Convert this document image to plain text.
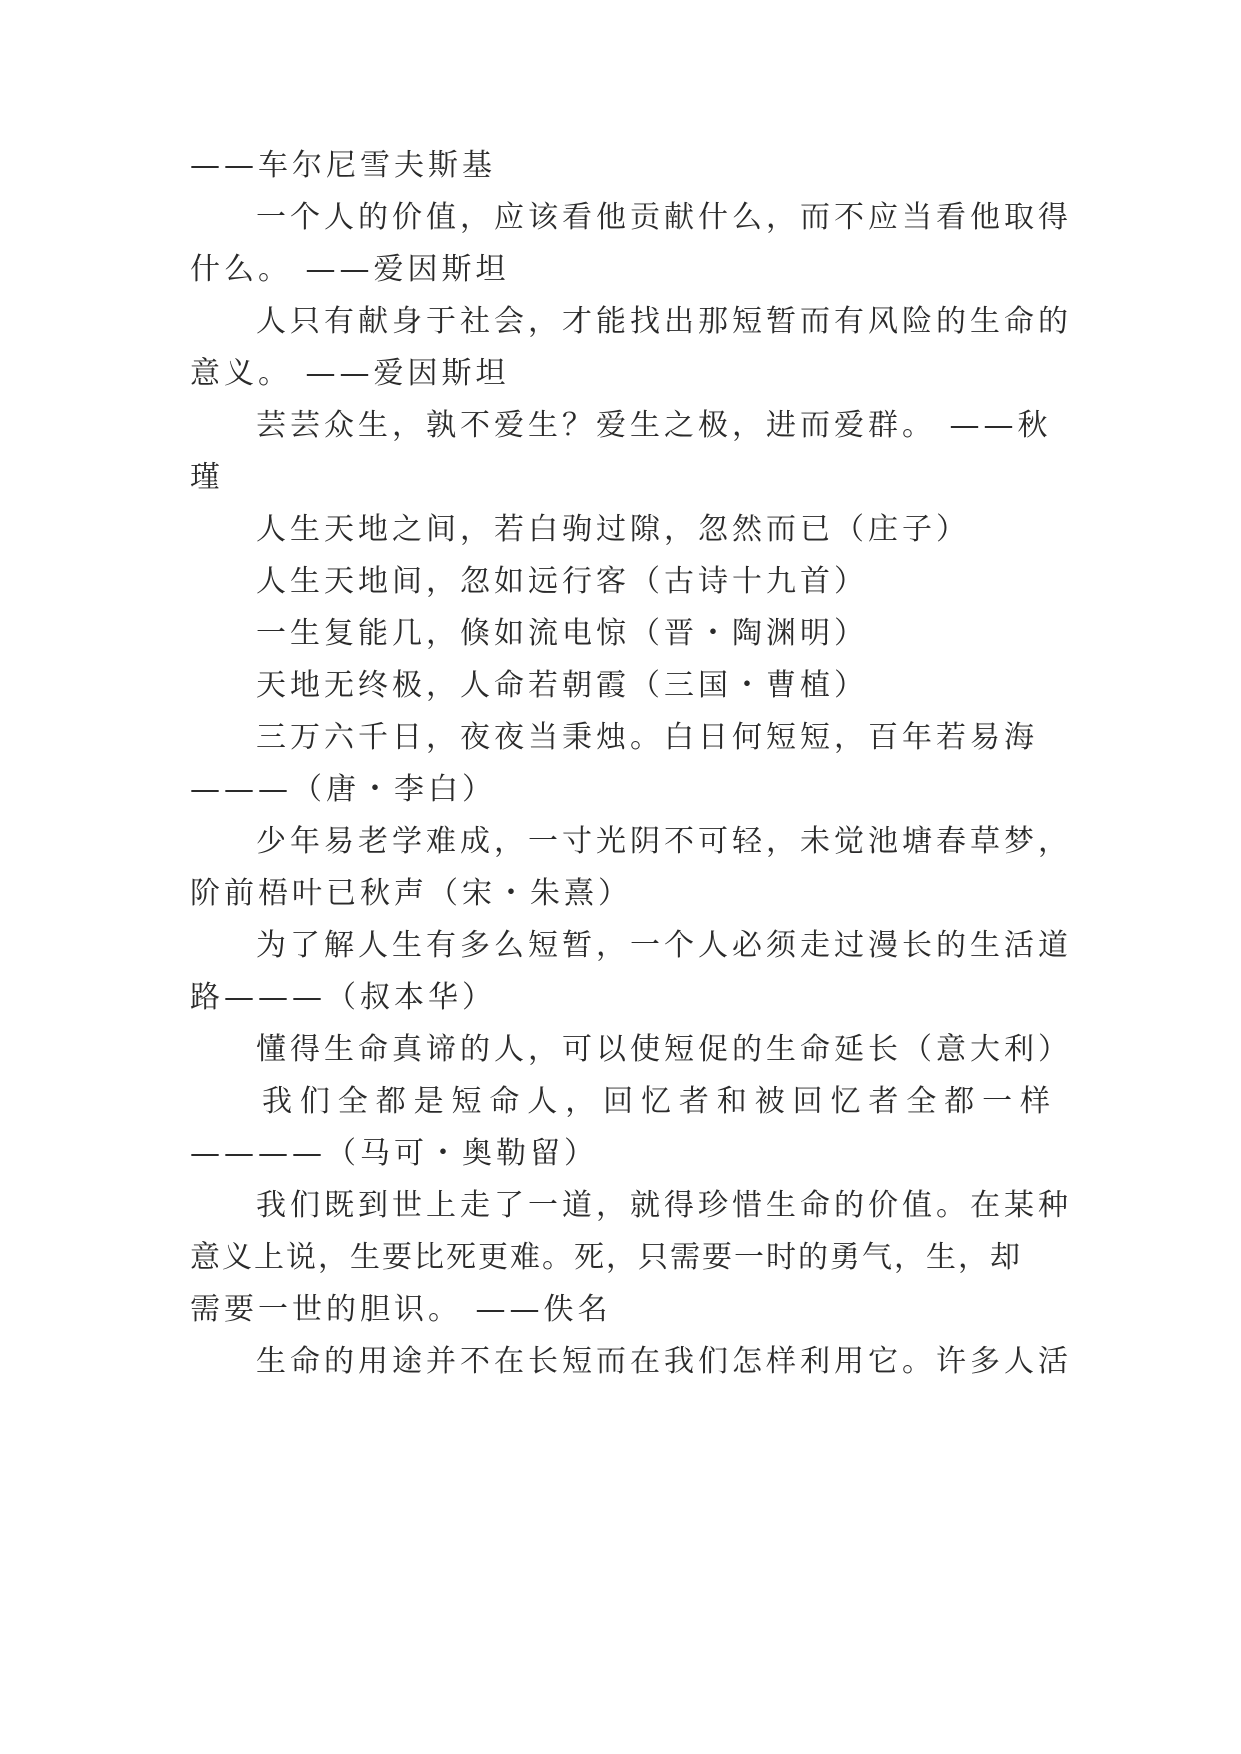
——车尔尼雪夫斯基
一个人的价值，应该看他贡献什么，而不应当看他取得
什么。 ——爱因斯坦
人只有献身于社会，才能找出那短暂而有风险的生命的
意义。 ——爱因斯坦
芸芸众生，孰不爱生？爱生之极，进而爱群。 ——秋
瑾
人生天地之间，若白驹过隙，忽然而已（庄子）
人生天地间，忽如远行客（古诗十九首）
一生复能几，倏如流电惊（晋・陶渊明）
天地无终极，人命若朝霞（三国・曹植）
三万六千日，夜夜当秉烛。白日何短短，百年若易海
———（唐・李白）
少年易老学难成，一寸光阴不可轻，未觉池塘春草梦，
阶前梧叶已秋声（宋・朱熹）
为了解人生有多么短暂，一个人必须走过漫长的生活道
路———（叔本华）
懂得生命真谛的人，可以使短促的生命延长（意大利）
我们全都是短命人，回忆者和被回忆者全都一样
————（马可・奥勒留）
我们既到世上走了一道，就得珍惜生命的价值。在某种
意义上说，生要比死更难。死，只需要一时的勇气，生，却
需要一世的胆识。 ——佚名
生命的用途并不在长短而在我们怎样利用它。许多人活
